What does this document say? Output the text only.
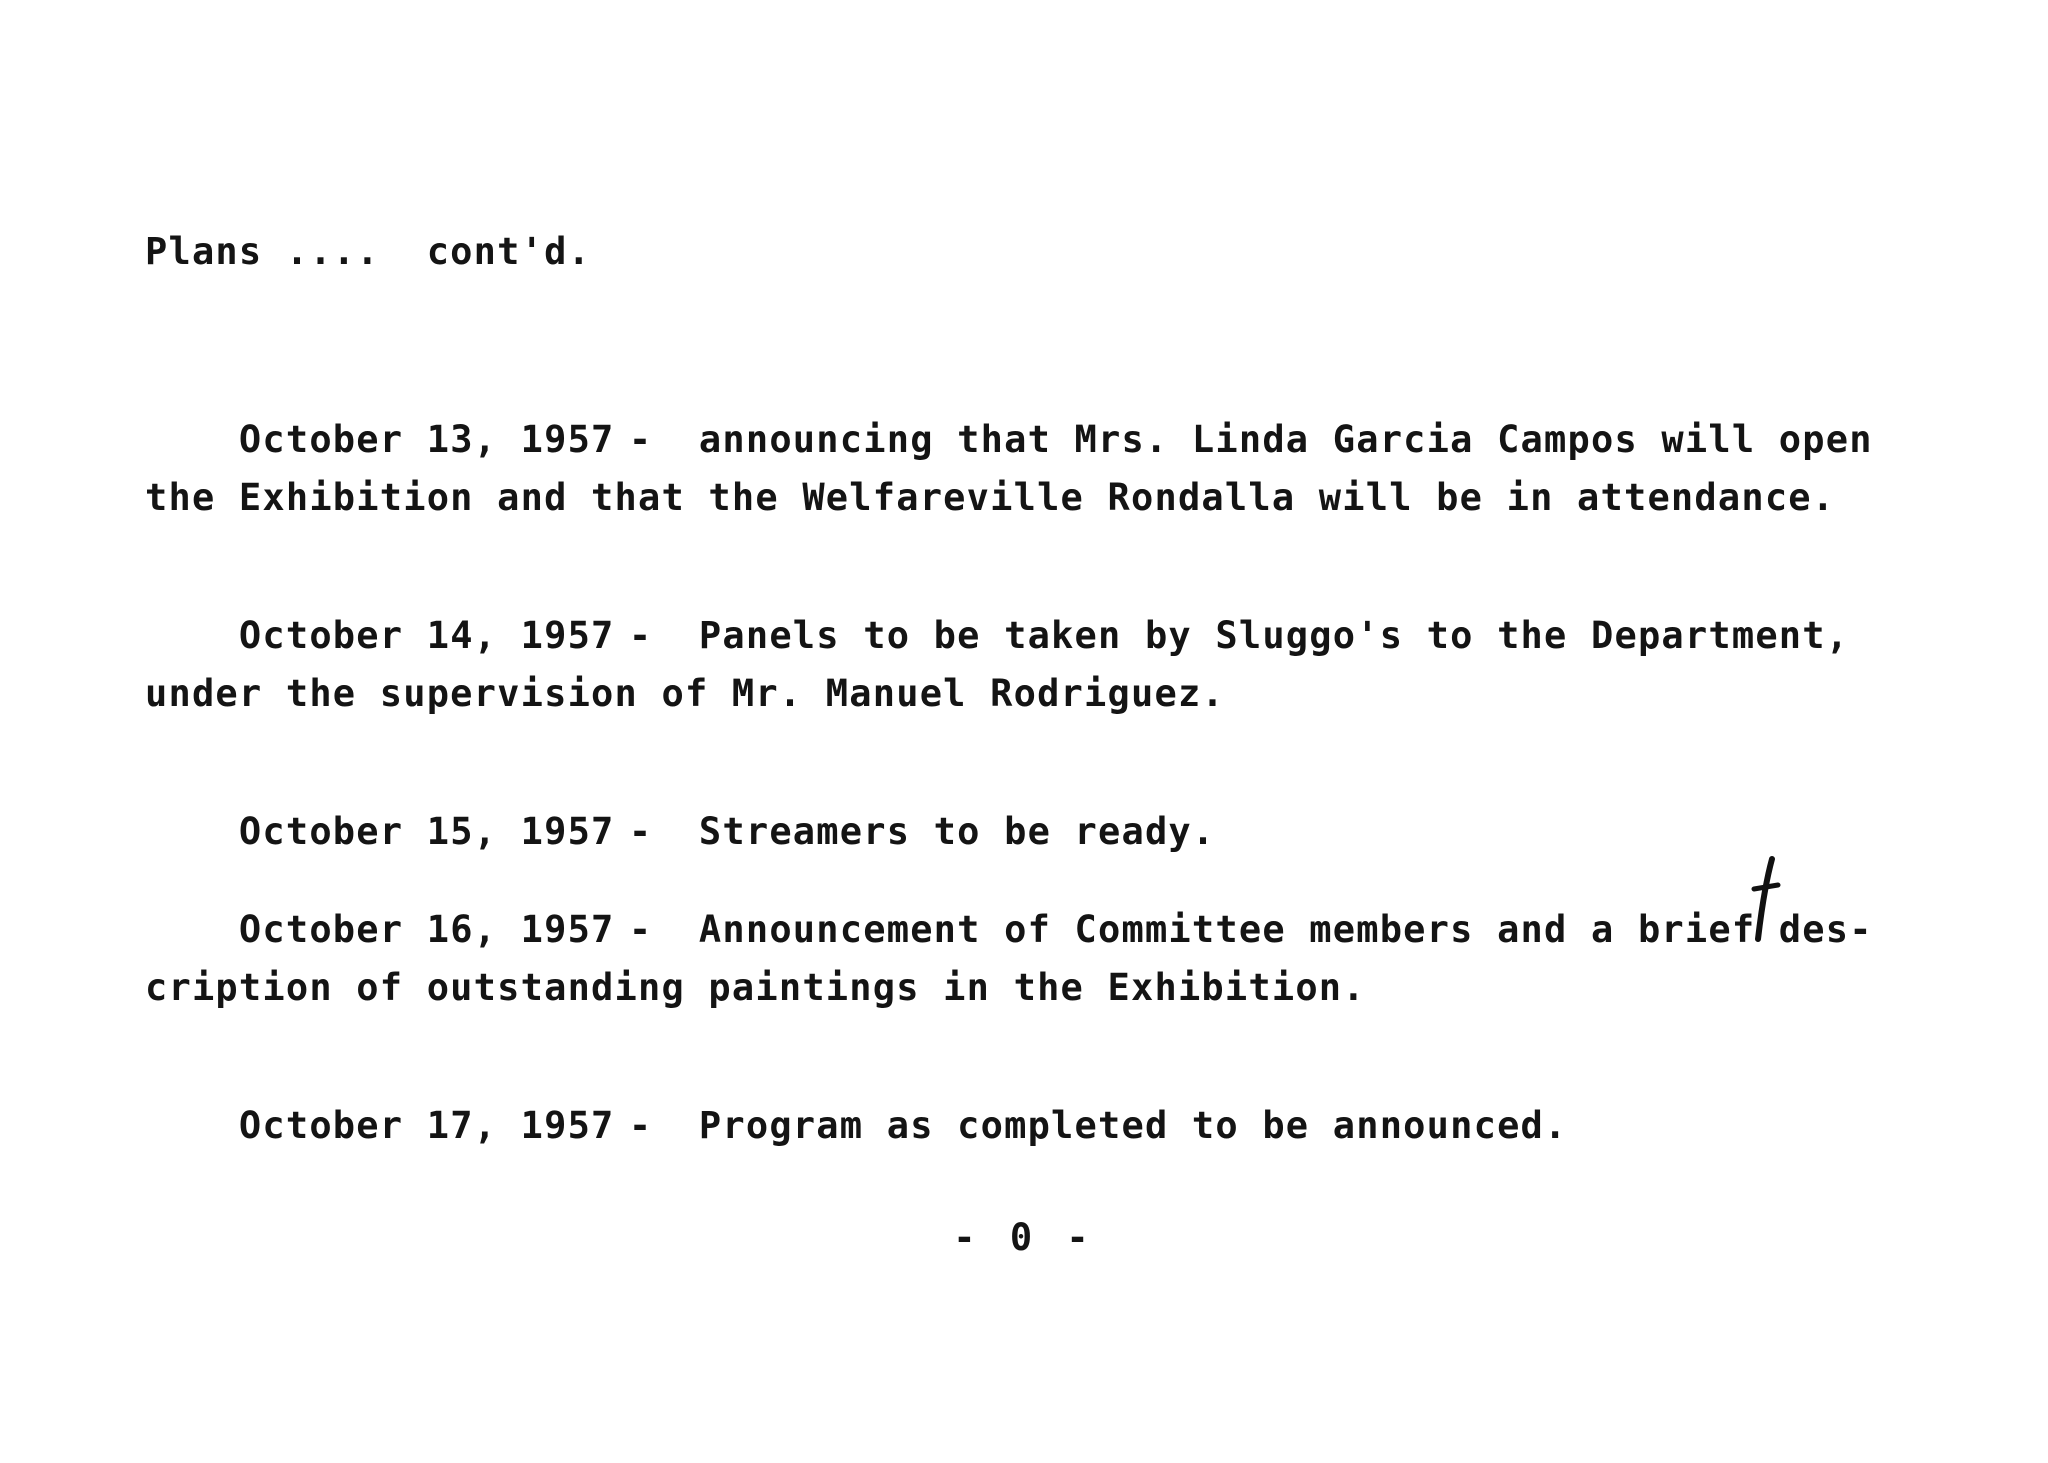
Plans ....  cont'd.

October 13, 1957 - announcing that Mrs. Linda Garcia Campos will open

the Exhibition and that the Welfareville Rondalla will be in attendance.

October 14, 1957 - Panels to be taken by Sluggo's to the Department,

under the supervision of Mr. Manuel Rodriguez.

October 15, 1957 - Streamers to be ready.

October 16, 1957 - Announcement of Committee members and a brief des-

cription of outstanding paintings in the Exhibition.

October 17, 1957 - Program as completed to be announced.

- 0 -
